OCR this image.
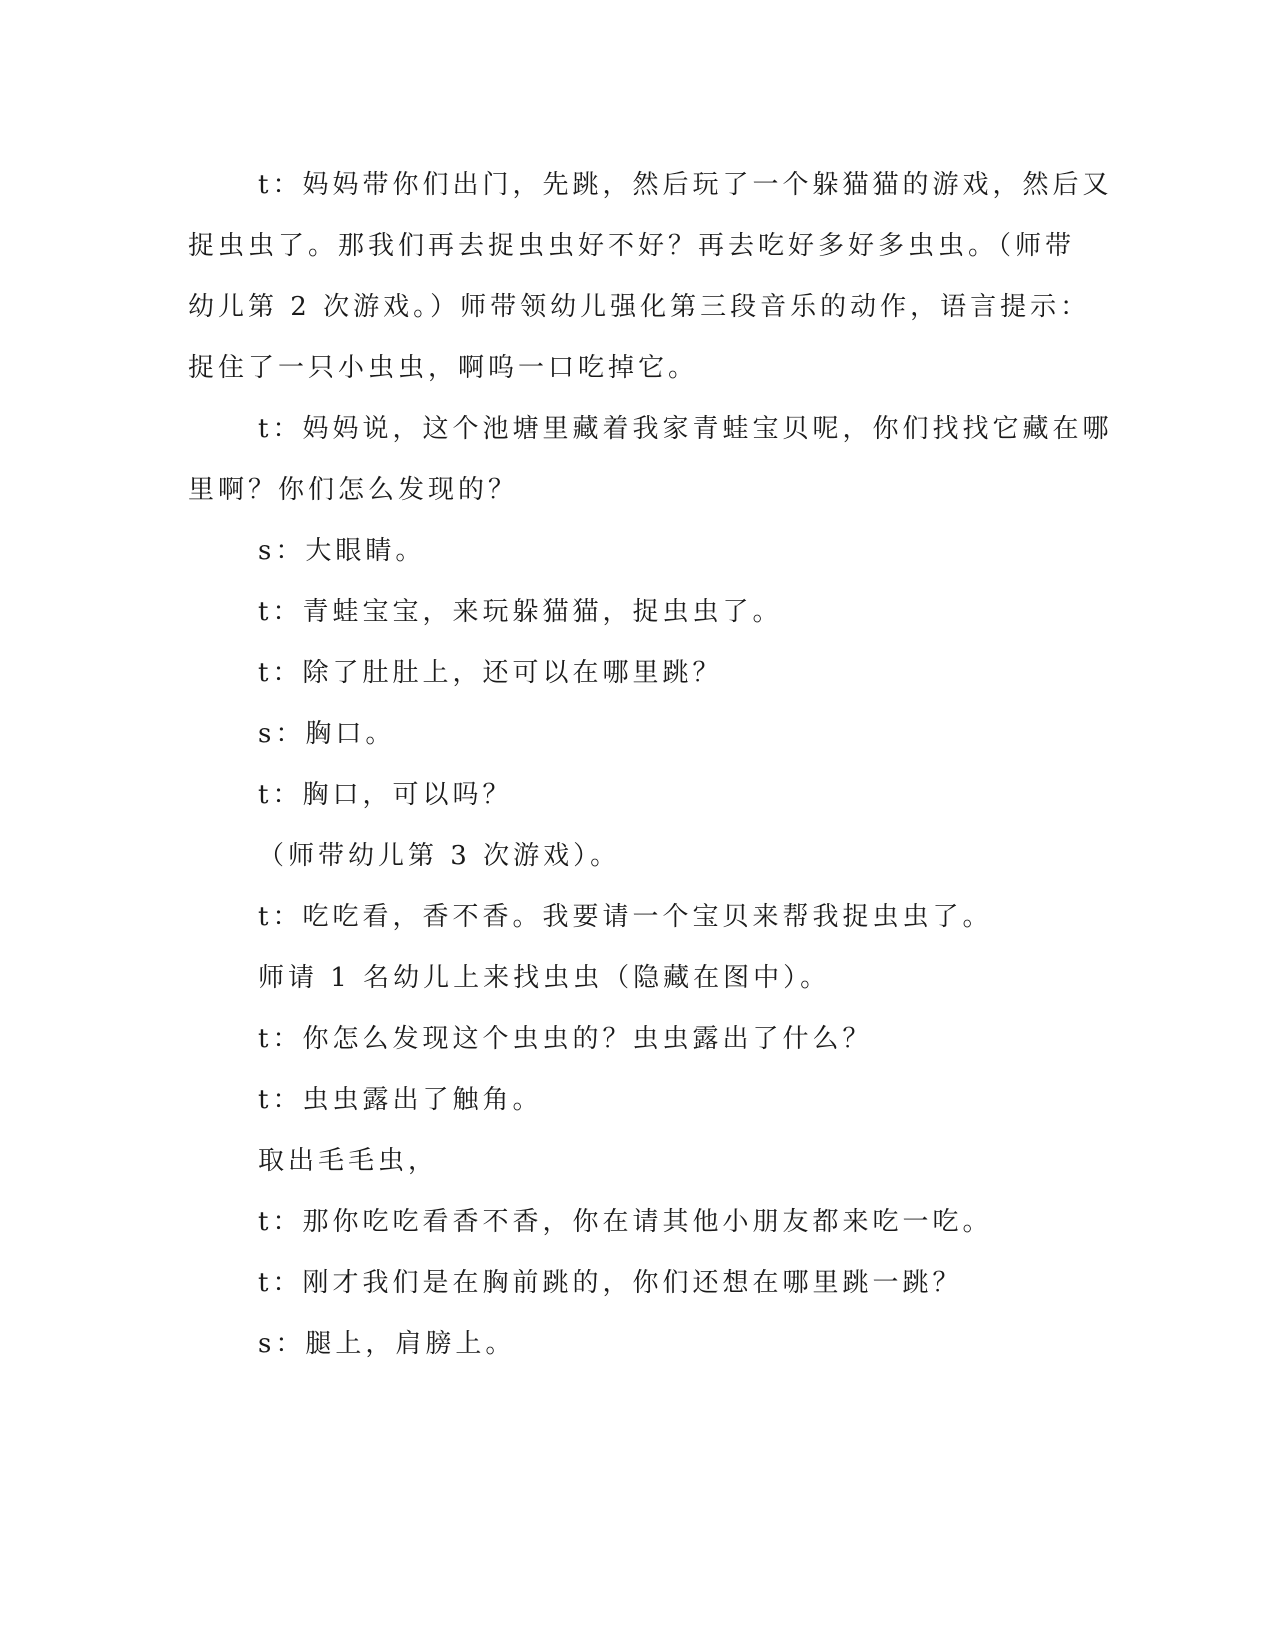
t：妈妈带你们出门，先跳，然后玩了一个躲猫猫的游戏，然后又

捉虫虫了。那我们再去捉虫虫好不好？再去吃好多好多虫虫。（师带

幼儿第 2 次游戏。）师带领幼儿强化第三段音乐的动作，语言提示：

捉住了一只小虫虫，啊呜一口吃掉它。

t：妈妈说，这个池塘里藏着我家青蛙宝贝呢，你们找找它藏在哪

里啊？你们怎么发现的？

s：大眼睛。

t：青蛙宝宝，来玩躲猫猫，捉虫虫了。

t：除了肚肚上，还可以在哪里跳？

s：胸口。

t：胸口，可以吗？

（师带幼儿第 3 次游戏）。

t：吃吃看，香不香。我要请一个宝贝来帮我捉虫虫了。

师请 1 名幼儿上来找虫虫（隐藏在图中）。

t：你怎么发现这个虫虫的？虫虫露出了什么？

t：虫虫露出了触角。

取出毛毛虫，

t：那你吃吃看香不香，你在请其他小朋友都来吃一吃。

t：刚才我们是在胸前跳的，你们还想在哪里跳一跳？

s：腿上，肩膀上。
